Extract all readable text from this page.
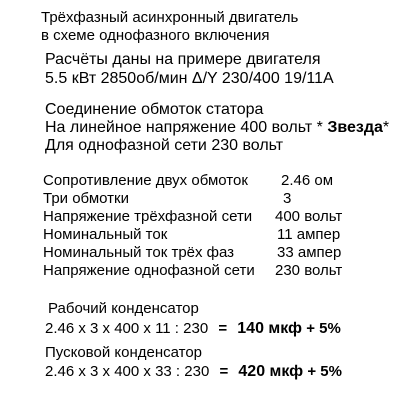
Трёхфазный асинхронный двигатель
в схеме однофазного включения
Расчёты даны на примере двигателя
5.5 кВт 2850об/мин Δ/Y 230/400 19/11А
Соединение обмоток статора
На линейное напряжение 400 вольт * Звезда*
Для однофазной сети 230 вольт
Сопротивление двух обмоток 2.46 ом
Три обмотки	3
Напряжение трёхфазной сети 400 вольт
Номинальный ток	11 ампер
Номинальный ток трёх фаз	33 ампер
Напряжение однофазной сети 230 вольт
Рабочий конденсатор
2.46 x 3 x 400 x 11 : 230 = 140 мкф + 5%
Пусковой конденсатор
2.46 x 3 x 400 x 33 : 230 = 420 мкф + 5%
